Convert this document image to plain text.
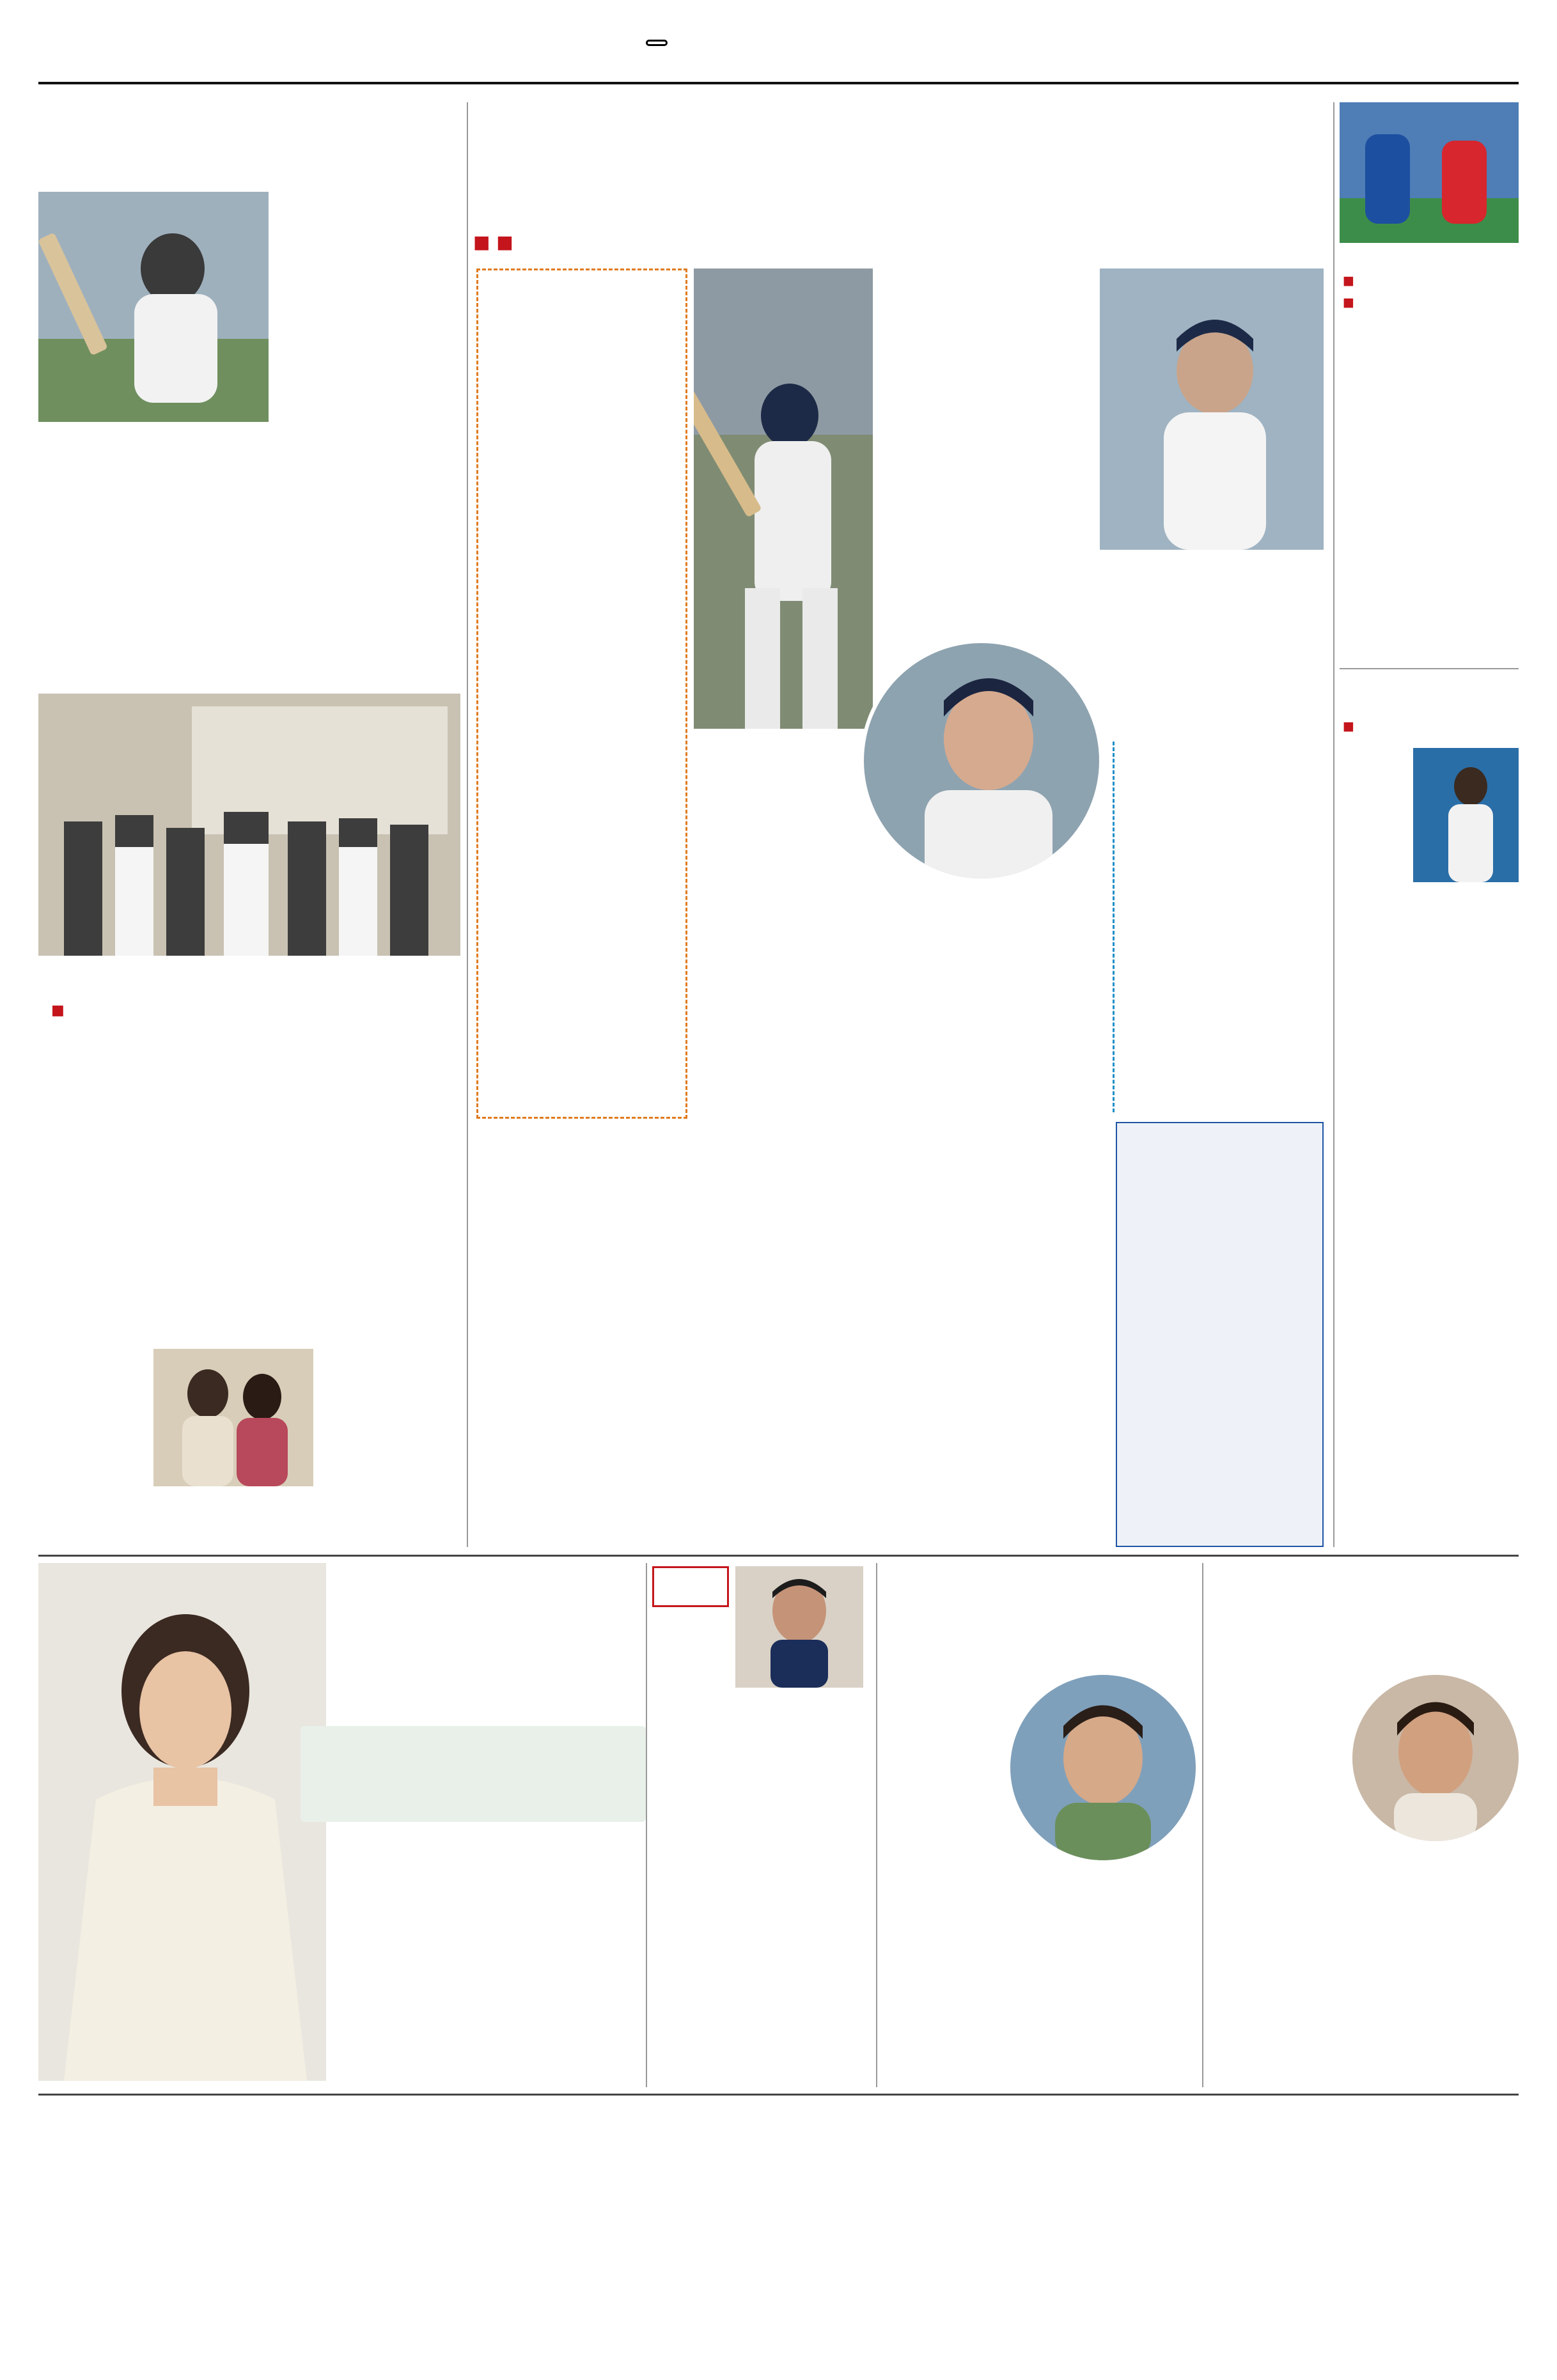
■
■ ■
■
■
■
